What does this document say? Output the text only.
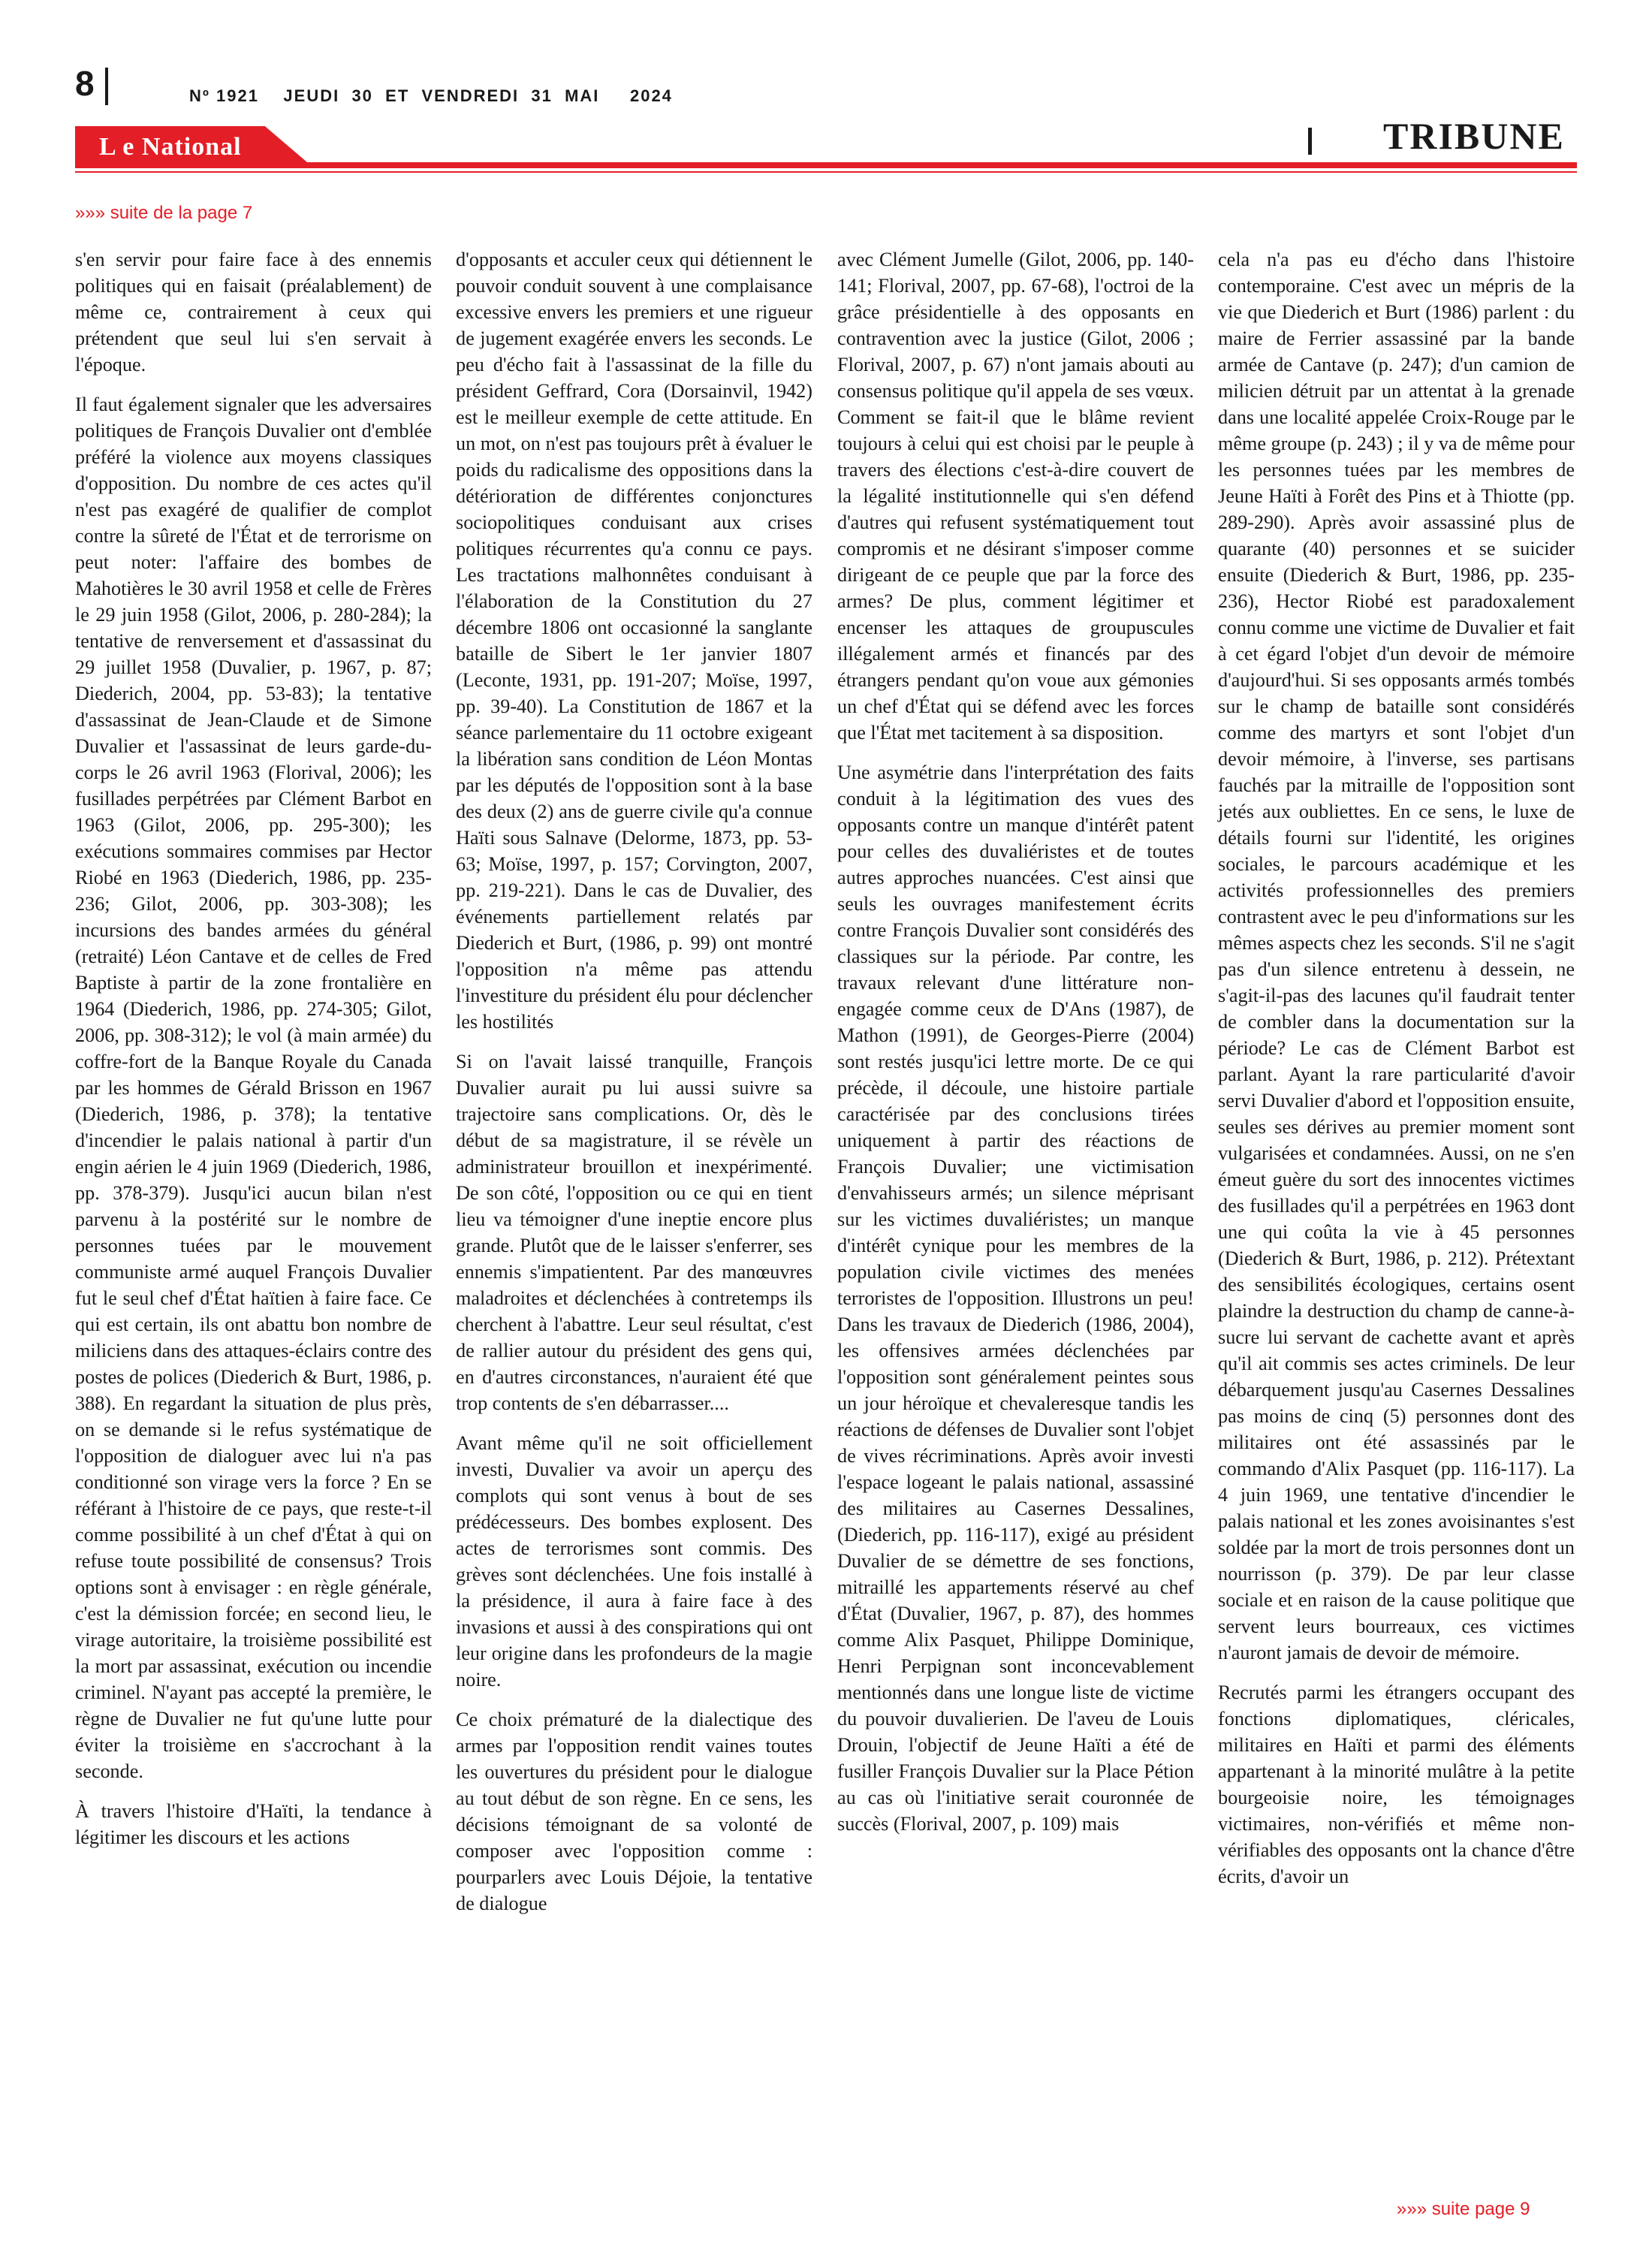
8	Nº 1921    JEUDI  30  ET  VENDREDI  31  MAI     2024
L e National	TRIBUNE
»»» suite de la page 7

s'en servir pour faire face à des ennemis politiques qui en faisait (préalablement) de même ce, contrairement à ceux qui prétendent que seul lui s'en servait à l'époque.

Il faut également signaler que les adversaires politiques de François Duvalier ont d'emblée préféré la violence aux moyens classiques d'opposition. Du nombre de ces actes qu'il n'est pas exagéré de qualifier de complot contre la sûreté de l'État et de terrorisme on peut noter: l'affaire des bombes de Mahotières le 30 avril 1958 et celle de Frères le 29 juin 1958 (Gilot, 2006, p. 280-284); la tentative de renversement et d'assassinat du 29 juillet 1958 (Duvalier, p. 1967, p. 87; Diederich, 2004, pp. 53-83); la tentative d'assassinat de Jean-Claude et de Simone Duvalier et l'assassinat de leurs garde-du-corps le 26 avril 1963 (Florival, 2006); les fusillades perpétrées par Clément Barbot en 1963 (Gilot, 2006, pp. 295-300); les exécutions sommaires commises par Hector Riobé en 1963 (Diederich, 1986, pp. 235-236; Gilot, 2006, pp. 303-308); les incursions des bandes armées du général (retraité) Léon Cantave et de celles de Fred Baptiste à partir de la zone frontalière en 1964 (Diederich, 1986, pp. 274-305; Gilot, 2006, pp. 308-312); le vol (à main armée) du coffre-fort de la Banque Royale du Canada par les hommes de Gérald Brisson en 1967 (Diederich, 1986, p. 378); la tentative d'incendier le palais national à partir d'un engin aérien le 4 juin 1969 (Diederich, 1986, pp. 378-379). Jusqu'ici aucun bilan n'est parvenu à la postérité sur le nombre de personnes tuées par le mouvement communiste armé auquel François Duvalier fut le seul chef d'État haïtien à faire face. Ce qui est certain, ils ont abattu bon nombre de miliciens dans des attaques-éclairs contre des postes de polices (Diederich & Burt, 1986, p. 388). En regardant la situation de plus près, on se demande si le refus systématique de l'opposition de dialoguer avec lui n'a pas conditionné son virage vers la force ? En se référant à l'histoire de ce pays, que reste-t-il comme possibilité à un chef d'État à qui on refuse toute possibilité de consensus? Trois options sont à envisager : en règle générale, c'est la démission forcée; en second lieu, le virage autoritaire, la troisième possibilité est la mort par assassinat, exécution ou incendie criminel. N'ayant pas accepté la première, le règne de Duvalier ne fut qu'une lutte pour éviter la troisième en s'accrochant à la seconde.

À travers l'histoire d'Haïti, la tendance à légitimer les discours et les actions

d'opposants et acculer ceux qui détiennent le pouvoir conduit souvent à une complaisance excessive envers les premiers et une rigueur de jugement exagérée envers les seconds. Le peu d'écho fait à l'assassinat de la fille du président Geffrard, Cora (Dorsainvil, 1942) est le meilleur exemple de cette attitude. En un mot, on n'est pas toujours prêt à évaluer le poids du radicalisme des oppositions dans la détérioration de différentes conjonctures sociopolitiques conduisant aux crises politiques récurrentes qu'a connu ce pays. Les tractations malhonnêtes conduisant à l'élaboration de la Constitution du 27 décembre 1806 ont occasionné la sanglante bataille de Sibert le 1er janvier 1807 (Leconte, 1931, pp. 191-207; Moïse, 1997, pp. 39-40). La Constitution de 1867 et la séance parlementaire du 11 octobre exigeant la libération sans condition de Léon Montas par les députés de l'opposition sont à la base des deux (2) ans de guerre civile qu'a connue Haïti sous Salnave (Delorme, 1873, pp. 53-63; Moïse, 1997, p. 157; Corvington, 2007, pp. 219-221). Dans le cas de Duvalier, des événements partiellement relatés par Diederich et Burt, (1986, p. 99) ont montré l'opposition n'a même pas attendu l'investiture du président élu pour déclencher les hostilités

Si on l'avait laissé tranquille, François Duvalier aurait pu lui aussi suivre sa trajectoire sans complications. Or, dès le début de sa magistrature, il se révèle un administrateur brouillon et inexpérimenté. De son côté, l'opposition ou ce qui en tient lieu va témoigner d'une ineptie encore plus grande. Plutôt que de le laisser s'enferrer, ses ennemis s'impatientent. Par des manœuvres maladroites et déclenchées à contretemps ils cherchent à l'abattre. Leur seul résultat, c'est de rallier autour du président des gens qui, en d'autres circonstances, n'auraient été que trop contents de s'en débarrasser....

Avant même qu'il ne soit officiellement investi, Duvalier va avoir un aperçu des complots qui sont venus à bout de ses prédécesseurs. Des bombes explosent. Des actes de terrorismes sont commis. Des grèves sont déclenchées. Une fois installé à la présidence, il aura à faire face à des invasions et aussi à des conspirations qui ont leur origine dans les profondeurs de la magie noire.

Ce choix prématuré de la dialectique des armes par l'opposition rendit vaines toutes les ouvertures du président pour le dialogue au tout début de son règne. En ce sens, les décisions témoignant de sa volonté de composer avec l'opposition comme : pourparlers avec Louis Déjoie, la tentative de dialogue

avec Clément Jumelle (Gilot, 2006, pp. 140-141; Florival, 2007, pp. 67-68), l'octroi de la grâce présidentielle à des opposants en contravention avec la justice (Gilot, 2006 ; Florival, 2007, p. 67) n'ont jamais abouti au consensus politique qu'il appela de ses vœux. Comment se fait-il que le blâme revient toujours à celui qui est choisi par le peuple à travers des élections c'est-à-dire couvert de la légalité institutionnelle qui s'en défend d'autres qui refusent systématiquement tout compromis et ne désirant s'imposer comme dirigeant de ce peuple que par la force des armes? De plus, comment légitimer et encenser les attaques de groupuscules illégalement armés et financés par des étrangers pendant qu'on voue aux gémonies un chef d'État qui se défend avec les forces que l'État met tacitement à sa disposition.

Une asymétrie dans l'interprétation des faits conduit à la légitimation des vues des opposants contre un manque d'intérêt patent pour celles des duvaliéristes et de toutes autres approches nuancées. C'est ainsi que seuls les ouvrages manifestement écrits contre François Duvalier sont considérés des classiques sur la période. Par contre, les travaux relevant d'une littérature non-engagée comme ceux de D'Ans (1987), de Mathon (1991), de Georges-Pierre (2004) sont restés jusqu'ici lettre morte. De ce qui précède, il découle, une histoire partiale caractérisée par des conclusions tirées uniquement à partir des réactions de François Duvalier; une victimisation d'envahisseurs armés; un silence méprisant sur les victimes duvaliéristes; un manque d'intérêt cynique pour les membres de la population civile victimes des menées terroristes de l'opposition. Illustrons un peu! Dans les travaux de Diederich (1986, 2004), les offensives armées déclenchées par l'opposition sont généralement peintes sous un jour héroïque et chevaleresque tandis les réactions de défenses de Duvalier sont l'objet de vives récriminations. Après avoir investi l'espace logeant le palais national, assassiné des militaires au Casernes Dessalines, (Diederich, pp. 116-117), exigé au président Duvalier de se démettre de ses fonctions, mitraillé les appartements réservé au chef d'État (Duvalier, 1967, p. 87), des hommes comme Alix Pasquet, Philippe Dominique, Henri Perpignan sont inconcevablement mentionnés dans une longue liste de victime du pouvoir duvalierien. De l'aveu de Louis Drouin, l'objectif de Jeune Haïti a été de fusiller François Duvalier sur la Place Pétion au cas où l'initiative serait couronnée de succès (Florival, 2007, p. 109) mais

cela n'a pas eu d'écho dans l'histoire contemporaine. C'est avec un mépris de la vie que Diederich et Burt (1986) parlent : du maire de Ferrier assassiné par la bande armée de Cantave (p. 247); d'un camion de milicien détruit par un attentat à la grenade dans une localité appelée Croix-Rouge par le même groupe (p. 243) ; il y va de même pour les personnes tuées par les membres de Jeune Haïti à Forêt des Pins et à Thiotte (pp. 289-290). Après avoir assassiné plus de quarante (40) personnes et se suicider ensuite (Diederich & Burt, 1986, pp. 235-236), Hector Riobé est paradoxalement connu comme une victime de Duvalier et fait à cet égard l'objet d'un devoir de mémoire d'aujourd'hui. Si ses opposants armés tombés sur le champ de bataille sont considérés comme des martyrs et sont l'objet d'un devoir mémoire, à l'inverse, ses partisans fauchés par la mitraille de l'opposition sont jetés aux oubliettes. En ce sens, le luxe de détails fourni sur l'identité, les origines sociales, le parcours académique et les activités professionnelles des premiers contrastent avec le peu d'informations sur les mêmes aspects chez les seconds. S'il ne s'agit pas d'un silence entretenu à dessein, ne s'agit-il-pas des lacunes qu'il faudrait tenter de combler dans la documentation sur la période? Le cas de Clément Barbot est parlant. Ayant la rare particularité d'avoir servi Duvalier d'abord et l'opposition ensuite, seules ses dérives au premier moment sont vulgarisées et condamnées. Aussi, on ne s'en émeut guère du sort des innocentes victimes des fusillades qu'il a perpétrées en 1963 dont une qui coûta la vie à 45 personnes (Diederich & Burt, 1986, p. 212). Prétextant des sensibilités écologiques, certains osent plaindre la destruction du champ de canne-à-sucre lui servant de cachette avant et après qu'il ait commis ses actes criminels. De leur débarquement jusqu'au Casernes Dessalines pas moins de cinq (5) personnes dont des militaires ont été assassinés par le commando d'Alix Pasquet (pp. 116-117). La 4 juin 1969, une tentative d'incendier le palais national et les zones avoisinantes s'est soldée par la mort de trois personnes dont un nourrisson (p. 379). De par leur classe sociale et en raison de la cause politique que servent leurs bourreaux, ces victimes n'auront jamais de devoir de mémoire.

Recrutés parmi les étrangers occupant des fonctions diplomatiques, cléricales, militaires en Haïti et parmi des éléments appartenant à la minorité mulâtre à la petite bourgeoisie noire, les témoignages victimaires, non-vérifiés et même non-vérifiables des opposants ont la chance d'être écrits, d'avoir un

»»» suite page 9
